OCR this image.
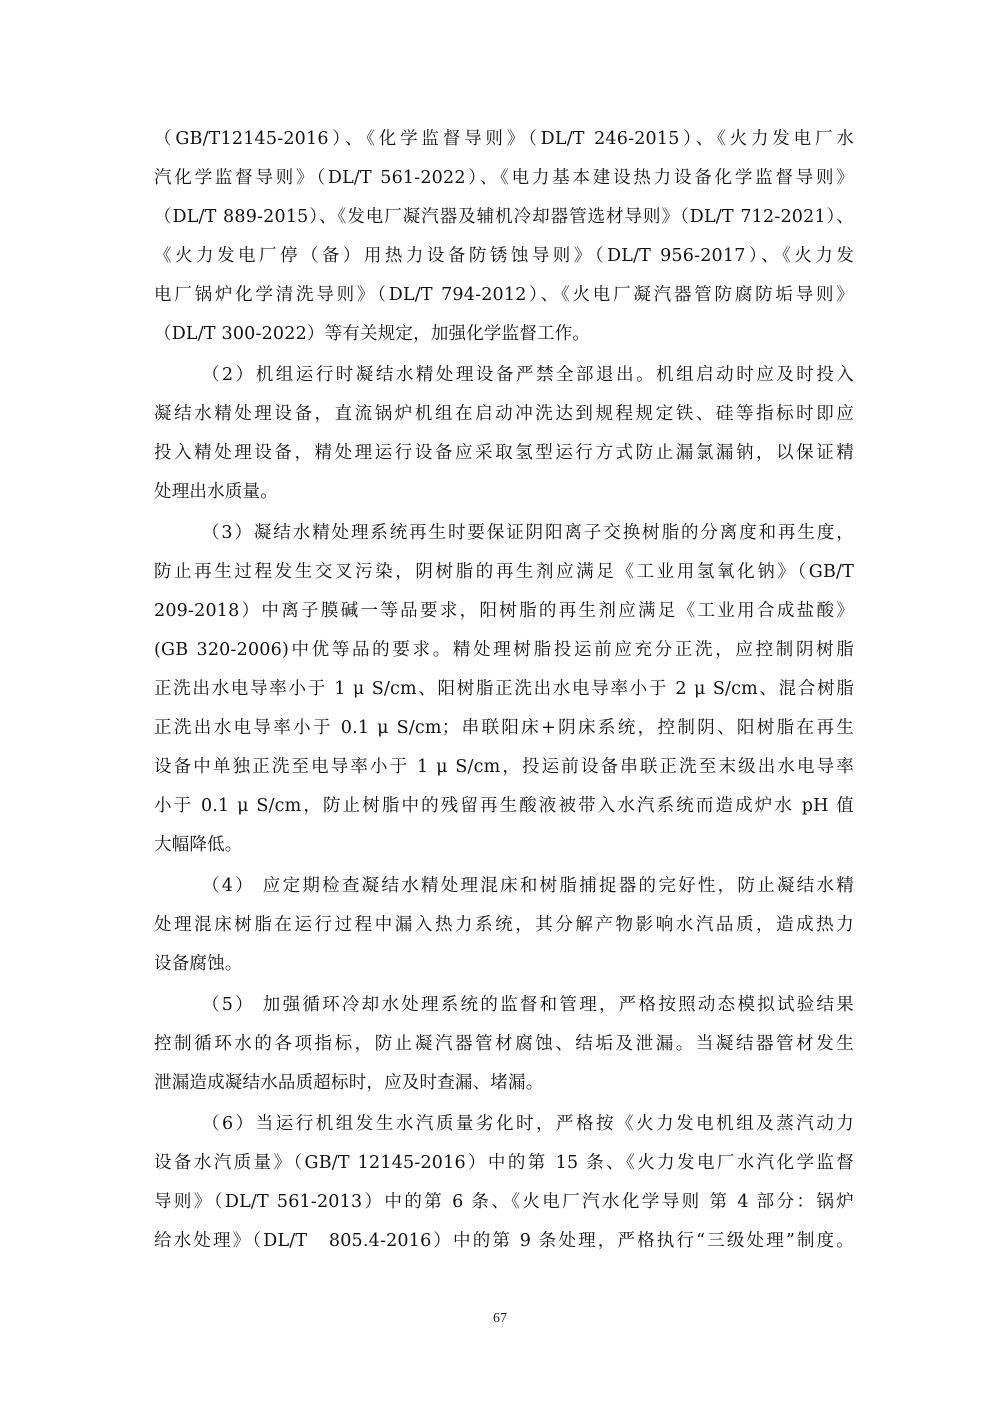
（GB/T12145-2016）、《化学监督导则》（DL/T 246-2015）、《火力发电厂水
汽化学监督导则》（DL/T 561-2022）、《电力基本建设热力设备化学监督导则》
（DL/T 889-2015）、《发电厂凝汽器及辅机冷却器管选材导则》（DL/T 712-2021）、
《火力发电厂停（备）用热力设备防锈蚀导则》（DL/T 956-2017）、《火力发
电厂锅炉化学清洗导则》（DL/T 794-2012）、《火电厂凝汽器管防腐防垢导则》
（DL/T 300-2022）等有关规定，加强化学监督工作。
（2）机组运行时凝结水精处理设备严禁全部退出。机组启动时应及时投入
凝结水精处理设备，直流锅炉机组在启动冲洗达到规程规定铁、硅等指标时即应
投入精处理设备，精处理运行设备应采取氢型运行方式防止漏氯漏钠，以保证精
处理出水质量。
（3）凝结水精处理系统再生时要保证阴阳离子交换树脂的分离度和再生度，
防止再生过程发生交叉污染，阴树脂的再生剂应满足《工业用氢氧化钠》（GB/T
209-2018）中离子膜碱一等品要求，阳树脂的再生剂应满足《工业用合成盐酸》
(GB 320-2006)中优等品的要求。精处理树脂投运前应充分正洗，应控制阴树脂
正洗出水电导率小于 1 μ S/cm、阳树脂正洗出水电导率小于 2 μ S/cm、混合树脂
正洗出水电导率小于 0.1 μ S/cm；串联阳床+阴床系统，控制阴、阳树脂在再生
设备中单独正洗至电导率小于 1 μ S/cm，投运前设备串联正洗至末级出水电导率
小于 0.1 μ S/cm，防止树脂中的残留再生酸液被带入水汽系统而造成炉水 pH 值
大幅降低。
（4） 应定期检查凝结水精处理混床和树脂捕捉器的完好性，防止凝结水精
处理混床树脂在运行过程中漏入热力系统，其分解产物影响水汽品质，造成热力
设备腐蚀。
（5） 加强循环冷却水处理系统的监督和管理，严格按照动态模拟试验结果
控制循环水的各项指标，防止凝汽器管材腐蚀、结垢及泄漏。当凝结器管材发生
泄漏造成凝结水品质超标时，应及时查漏、堵漏。
（6）当运行机组发生水汽质量劣化时，严格按《火力发电机组及蒸汽动力
设备水汽质量》（GB/T 12145-2016）中的第 15 条、《火力发电厂水汽化学监督
导则》（DL/T 561-2013）中的第 6 条、《火电厂汽水化学导则 第 4 部分：锅炉
给水处理》（DL/T　805.4-2016）中的第 9 条处理，严格执行“三级处理”制度。
67
